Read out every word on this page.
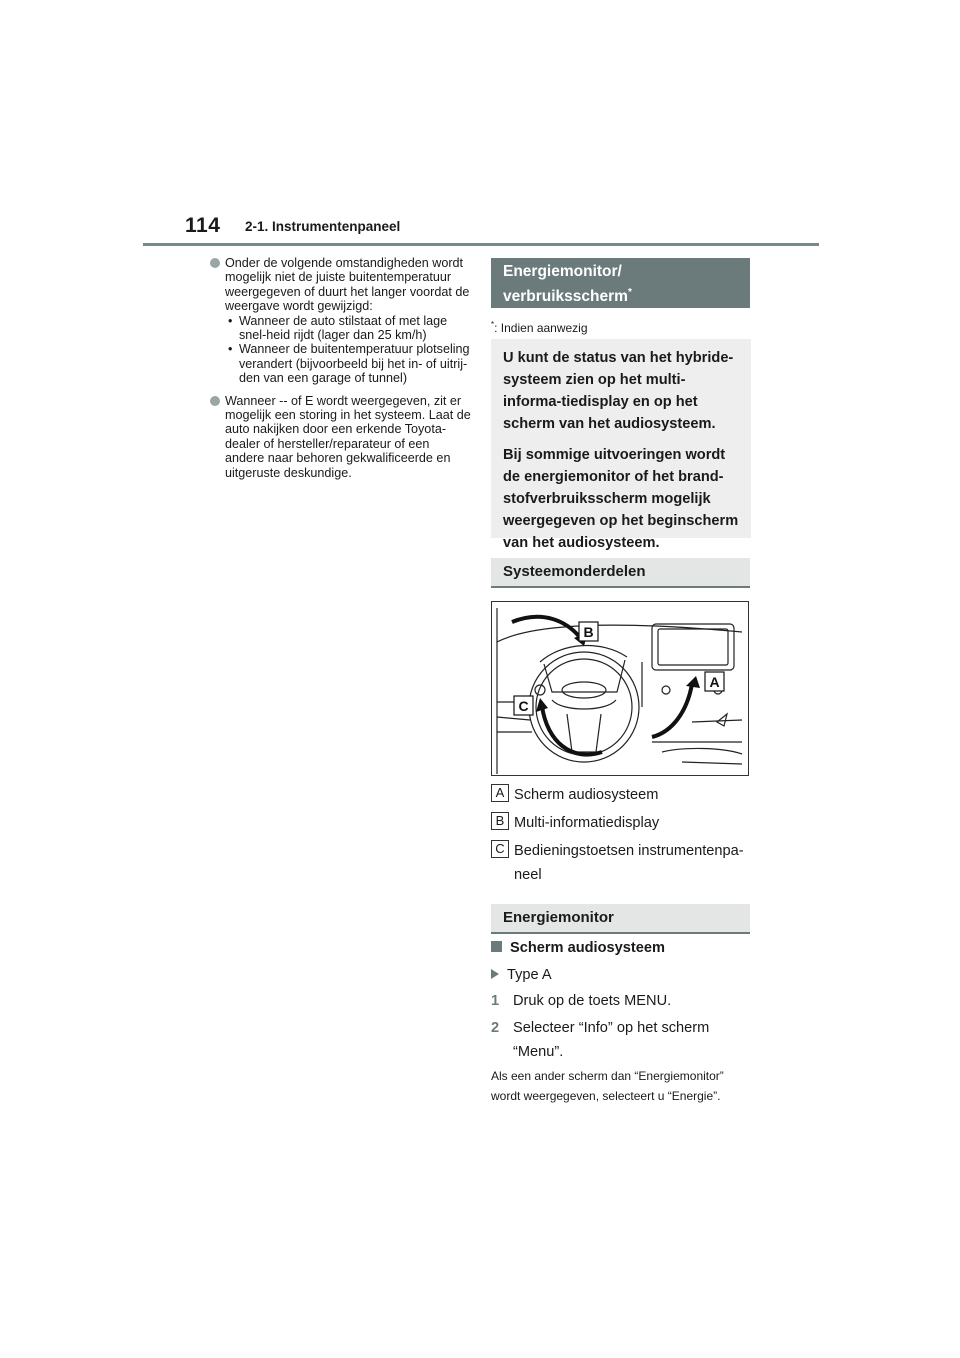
114 2-1. Instrumentenpaneel
Onder de volgende omstandigheden wordt mogelijk niet de juiste buitentemperatuur weergegeven of duurt het langer voordat de weergave wordt gewijzigd:
• Wanneer de auto stilstaat of met lage snel-heid rijdt (lager dan 25 km/h)
• Wanneer de buitentemperatuur plotseling verandert (bijvoorbeeld bij het in- of uitrij-den van een garage of tunnel)
Wanneer -- of E wordt weergegeven, zit er mogelijk een storing in het systeem. Laat de auto nakijken door een erkende Toyota-dealer of hersteller/reparateur of een andere naar behoren gekwalificeerde en uitgeruste deskundige.
Energiemonitor/
verbruiksscherm*
*: Indien aanwezig

U kunt de status van het hybride-systeem zien op het multi-informa-tiedisplay en op het scherm van het audiosysteem.

Bij sommige uitvoeringen wordt de energiemonitor of het brand-stofverbruiksscherm mogelijk weergegeven op het beginscherm van het audiosysteem.

Systeemonderdelen
B
A
C
A Scherm audiosysteem
B Multi-informatiedisplay
C Bedieningstoetsen instrumentenpa-neel
Energiemonitor
Scherm audiosysteem
Type A
1 Druk op de toets MENU.
2 Selecteer “Info” op het scherm “Menu”.
Als een ander scherm dan “Energiemonitor” wordt weergegeven, selecteert u “Energie”.
